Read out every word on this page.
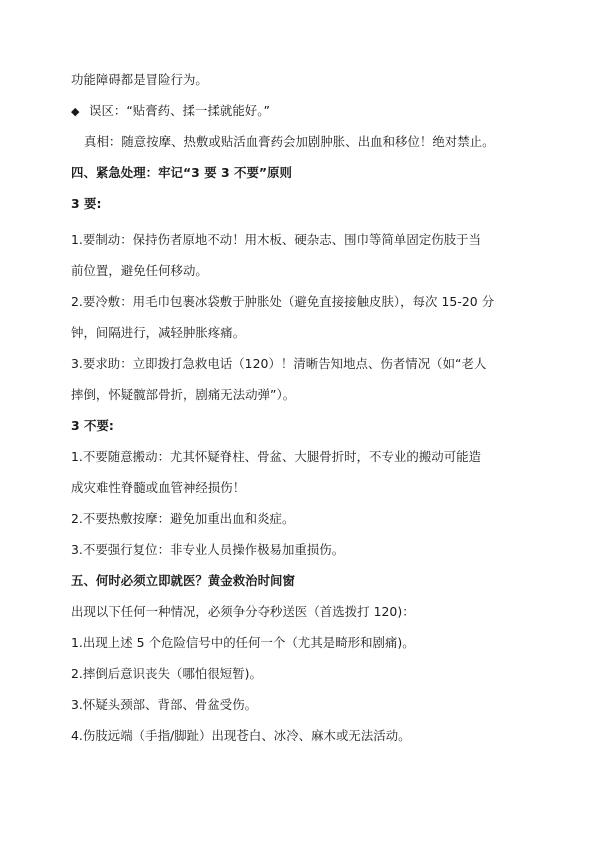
功能障碍都是冒险行为。
◆ 误区：“贴膏药、揉一揉就能好。”
真相：随意按摩、热敷或贴活血膏药会加剧肿胀、出血和移位！绝对禁止。
四、紧急处理：牢记“3 要 3 不要”原则
3 要:
1.要制动：保持伤者原地不动！用木板、硬杂志、围巾等简单固定伤肢于当
前位置，避免任何移动。
2.要冷敷：用毛巾包裹冰袋敷于肿胀处（避免直接接触皮肤），每次 15-20 分
钟，间隔进行，减轻肿胀疼痛。
3.要求助：立即拨打急救电话（120）！清晰告知地点、伤者情况（如“老人
摔倒，怀疑髋部骨折，剧痛无法动弹”）。
3 不要:
1.不要随意搬动：尤其怀疑脊柱、骨盆、大腿骨折时，不专业的搬动可能造
成灾难性脊髓或血管神经损伤！
2.不要热敷按摩：避免加重出血和炎症。
3.不要强行复位：非专业人员操作极易加重损伤。
五、何时必须立即就医？黄金救治时间窗
出现以下任何一种情况，必须争分夺秒送医（首选拨打 120)：
1.出现上述 5 个危险信号中的任何一个（尤其是畸形和剧痛)。
2.摔倒后意识丧失（哪怕很短暂)。
3.怀疑头颈部、背部、骨盆受伤。
4.伤肢远端（手指/脚趾）出现苍白、冰冷、麻木或无法活动。
